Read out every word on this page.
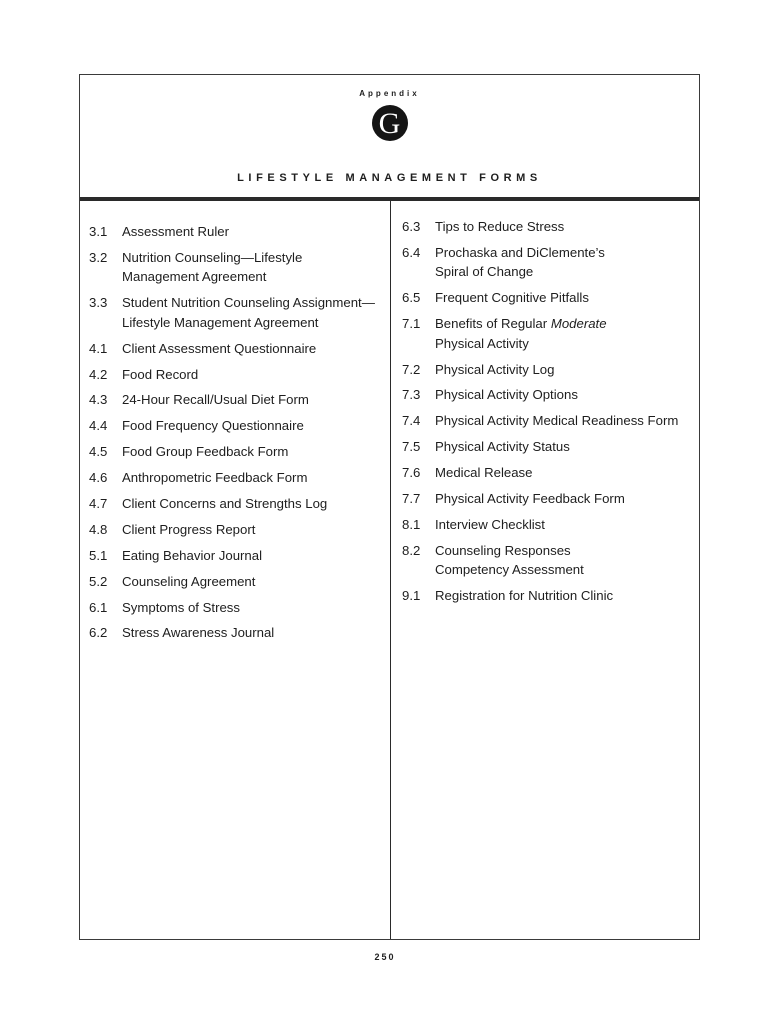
Appendix
G
LIFESTYLE MANAGEMENT FORMS
3.1	Assessment Ruler
3.2	Nutrition Counseling—Lifestyle
Management Agreement
3.3	Student Nutrition Counseling Assignment—
Lifestyle Management Agreement
4.1	Client Assessment Questionnaire
4.2	Food Record
4.3	24-Hour Recall/Usual Diet Form
4.4	Food Frequency Questionnaire
4.5	Food Group Feedback Form
4.6	Anthropometric Feedback Form
4.7	Client Concerns and Strengths Log
4.8	Client Progress Report
5.1	Eating Behavior Journal
5.2	Counseling Agreement
6.1	Symptoms of Stress
6.2	Stress Awareness Journal
6.3	Tips to Reduce Stress
6.4	Prochaska and DiClemente’s
Spiral of Change
6.5	Frequent Cognitive Pitfalls
7.1	Benefits of Regular Moderate
Physical Activity
7.2	Physical Activity Log
7.3	Physical Activity Options
7.4	Physical Activity Medical Readiness Form
7.5	Physical Activity Status
7.6	Medical Release
7.7	Physical Activity Feedback Form
8.1	Interview Checklist
8.2	Counseling Responses
Competency Assessment
9.1	Registration for Nutrition Clinic
250
